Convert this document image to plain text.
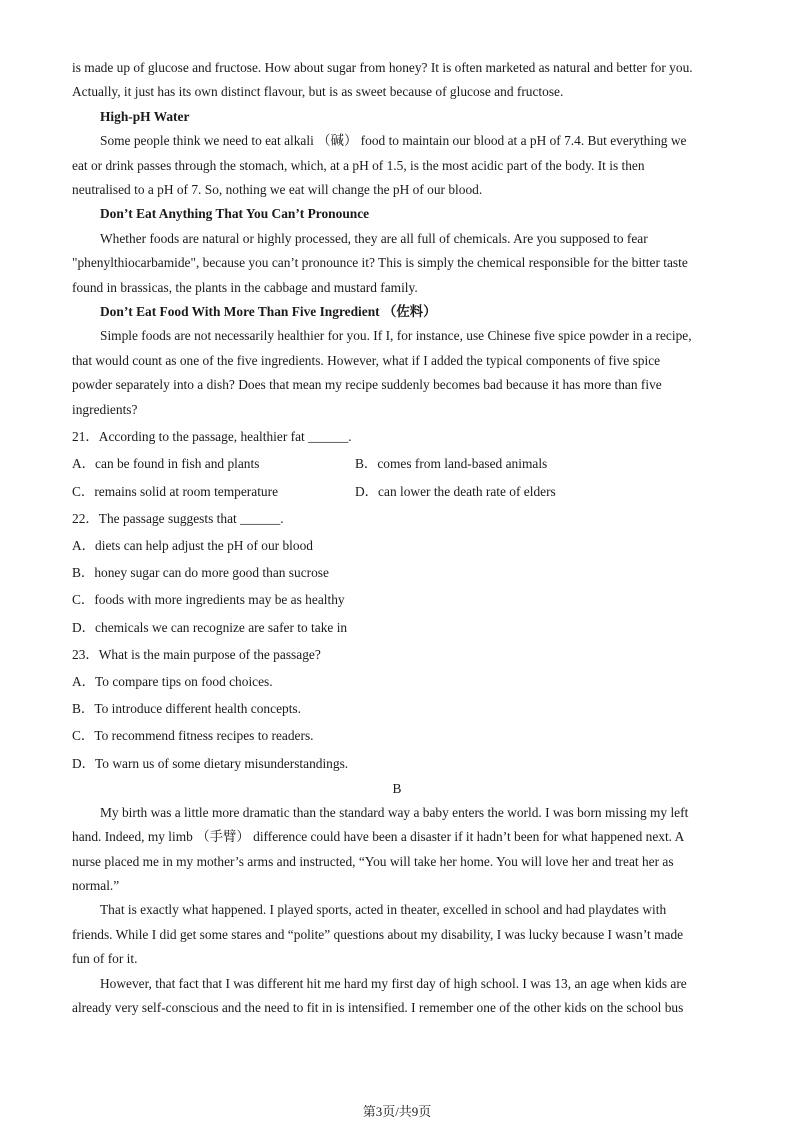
is made up of glucose and fructose. How about sugar from honey? It is often marketed as natural and better for you.
Actually, it just has its own distinct flavour, but is as sweet because of glucose and fructose.
High-pH Water
Some people think we need to eat alkali （碱） food to maintain our blood at a pH of 7.4. But everything we
eat or drink passes through the stomach, which, at a pH of 1.5, is the most acidic part of the body. It is then
neutralised to a pH of 7. So, nothing we eat will change the pH of our blood.
Don’t Eat Anything That You Can’t Pronounce
Whether foods are natural or highly processed, they are all full of chemicals. Are you supposed to fear
"phenylthiocarbamide", because you can’t pronounce it? This is simply the chemical responsible for the bitter taste
found in brassicas, the plants in the cabbage and mustard family.
Don’t Eat Food With More Than Five Ingredient （佐料）
Simple foods are not necessarily healthier for you. If I, for instance, use Chinese five spice powder in a recipe,
that would count as one of the five ingredients. However, what if I added the typical components of five spice
powder separately into a dish? Does that mean my recipe suddenly becomes bad because it has more than five
ingredients?
21．According to the passage, healthier fat ______.
A．can be found in fish and plants	B．comes from land-based animals
C．remains solid at room temperature	D．can lower the death rate of elders
22．The passage suggests that ______.
A．diets can help adjust the pH of our blood
B．honey sugar can do more good than sucrose
C．foods with more ingredients may be as healthy
D．chemicals we can recognize are safer to take in
23．What is the main purpose of the passage?
A．To compare tips on food choices.
B．To introduce different health concepts.
C．To recommend fitness recipes to readers.
D．To warn us of some dietary misunderstandings.
B
My birth was a little more dramatic than the standard way a baby enters the world. I was born missing my left
hand. Indeed, my limb （手臂） difference could have been a disaster if it hadn’t been for what happened next. A
nurse placed me in my mother’s arms and instructed, “You will take her home. You will love her and treat her as
normal.”
That is exactly what happened. I played sports, acted in theater, excelled in school and had playdates with
friends. While I did get some stares and “polite” questions about my disability, I was lucky because I wasn’t made
fun of for it.
However, that fact that I was different hit me hard my first day of high school. I was 13, an age when kids are
already very self-conscious and the need to fit in is intensified. I remember one of the other kids on the school bus
第3页/共9页
